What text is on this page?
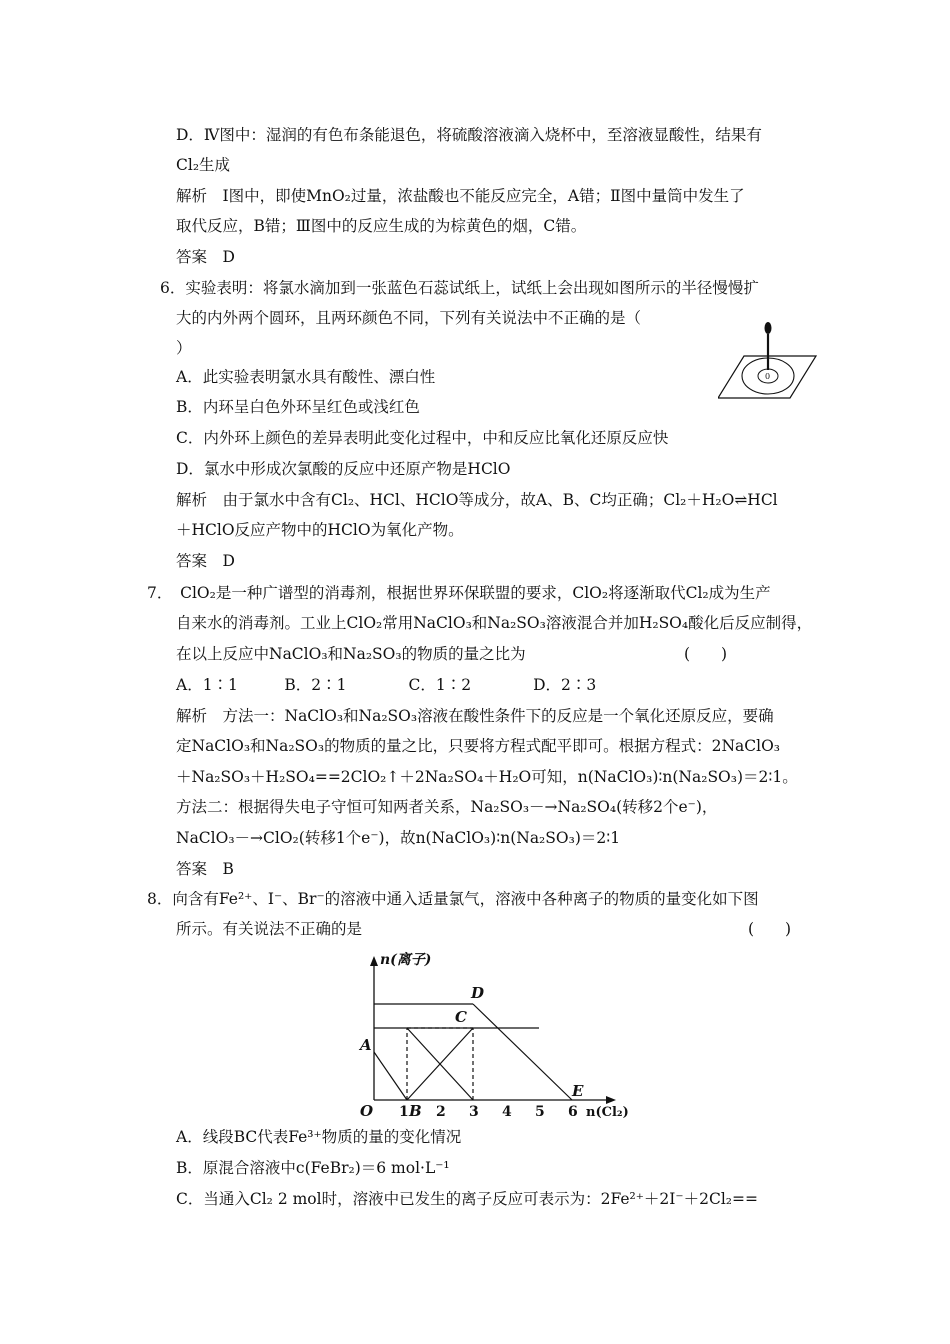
D．Ⅳ图中：湿润的有色布条能退色，将硫酸溶液滴入烧杯中，至溶液显酸性，结果有
Cl₂生成
解析　Ⅰ图中，即使MnO₂过量，浓盐酸也不能反应完全，A错；Ⅱ图中量筒中发生了
取代反应，B错；Ⅲ图中的反应生成的为棕黄色的烟，C错。
答案　D
6．实验表明：将氯水滴加到一张蓝色石蕊试纸上，试纸上会出现如图所示的半径慢慢扩
大的内外两个圆环，且两环颜色不同，下列有关说法中不正确的是（
）
A．此实验表明氯水具有酸性、漂白性
B．内环呈白色外环呈红色或浅红色
C．内外环上颜色的差异表明此变化过程中，中和反应比氧化还原反应快
D．氯水中形成次氯酸的反应中还原产物是HClO
解析　由于氯水中含有Cl₂、HCl、HClO等成分，故A、B、C均正确；Cl₂＋H₂O⇌HCl
＋HClO反应产物中的HClO为氧化产物。
答案　D
0
7．　ClO₂是一种广谱型的消毒剂，根据世界环保联盟的要求，ClO₂将逐渐取代Cl₂成为生产
自来水的消毒剂。工业上ClO₂常用NaClO₃和Na₂SO₃溶液混合并加H₂SO₄酸化后反应制得，
在以上反应中NaClO₃和Na₂SO₃的物质的量之比为	(　　)
A．1∶1　　　B．2∶1　　　　C．1∶2　　　　D．2∶3
解析　方法一：NaClO₃和Na₂SO₃溶液在酸性条件下的反应是一个氧化还原反应，要确
定NaClO₃和Na₂SO₃的物质的量之比，只要将方程式配平即可。根据方程式：2NaClO₃
＋Na₂SO₃＋H₂SO₄==2ClO₂↑＋2Na₂SO₄＋H₂O可知，n(NaClO₃)∶n(Na₂SO₃)＝2∶1。
方法二：根据得失电子守恒可知两者关系，Na₂SO₃－→Na₂SO₄(转移2个e⁻)，
NaClO₃－→ClO₂(转移1个e⁻)，故n(NaClO₃)∶n(Na₂SO₃)＝2∶1
答案　B
8．向含有Fe²⁺、I⁻、Br⁻的溶液中通入适量氯气，溶液中各种离子的物质的量变化如下图
所示。有关说法不正确的是	(　　)
n(离子)
n(Cl₂)
1 2 3 4 5 6
O
A
B
C
D
E
A．线段BC代表Fe³⁺物质的量的变化情况
B．原混合溶液中c(FeBr₂)＝6 mol·L⁻¹
C．当通入Cl₂ 2 mol时，溶液中已发生的离子反应可表示为：2Fe²⁺＋2I⁻＋2Cl₂==
